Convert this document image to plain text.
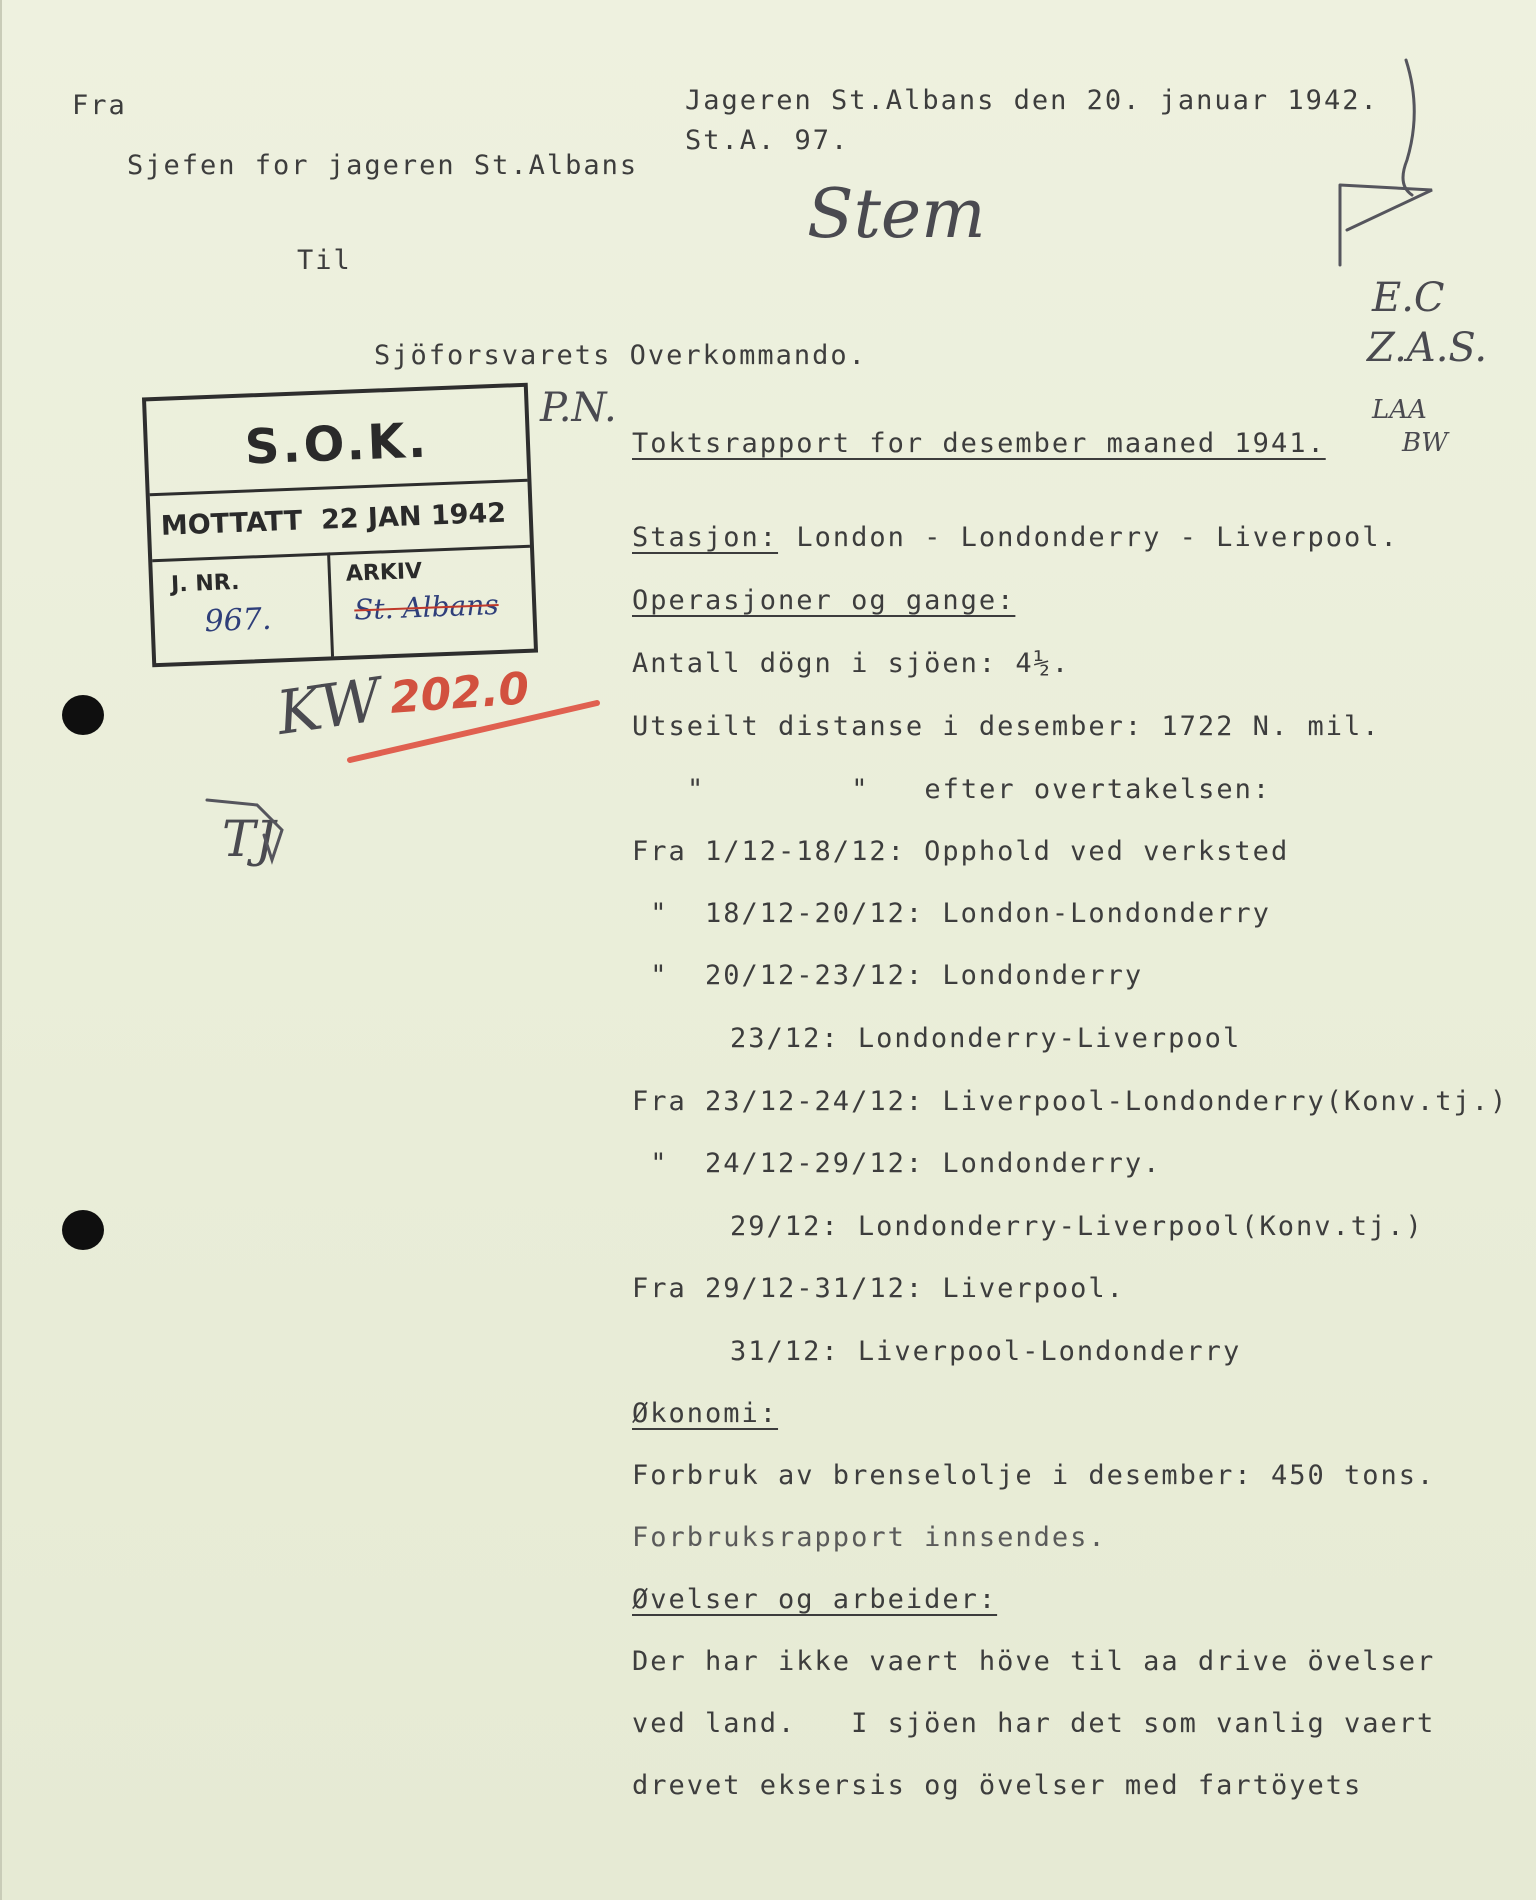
Fra
Sjefen for jageren St.Albans
Til
Sjöforsvarets Overkommando.
Jageren St.Albans den 20. januar 1942.
St.A. 97.
Stem
P.N.
E.C
Z.A.S.
LAA
BW
KW
TJ
202.0
S.O.K.
MOTTATT  22 JAN 1942
J. NR.	ARKIV
967.	St. Albans
Toktsrapport for desember maaned 1941.
Stasjon: London - Londonderry - Liverpool.
Operasjoner og gange:
Antall dögn i sjöen: 4½.
Utseilt distanse i desember: 1722 N. mil.
"        "   efter overtakelsen:
Fra 1/12-18/12: Opphold ved verksted
"  18/12-20/12: London-Londonderry
"  20/12-23/12: Londonderry
23/12: Londonderry-Liverpool
Fra 23/12-24/12: Liverpool-Londonderry(Konv.tj.)
"  24/12-29/12: Londonderry.
29/12: Londonderry-Liverpool(Konv.tj.)
Fra 29/12-31/12: Liverpool.
31/12: Liverpool-Londonderry
Økonomi:
Forbruk av brenselolje i desember: 450 tons.
Forbruksrapport innsendes.
Øvelser og arbeider:
Der har ikke vaert höve til aa drive övelser
ved land.   I sjöen har det som vanlig vaert
drevet eksersis og övelser med fartöyets
